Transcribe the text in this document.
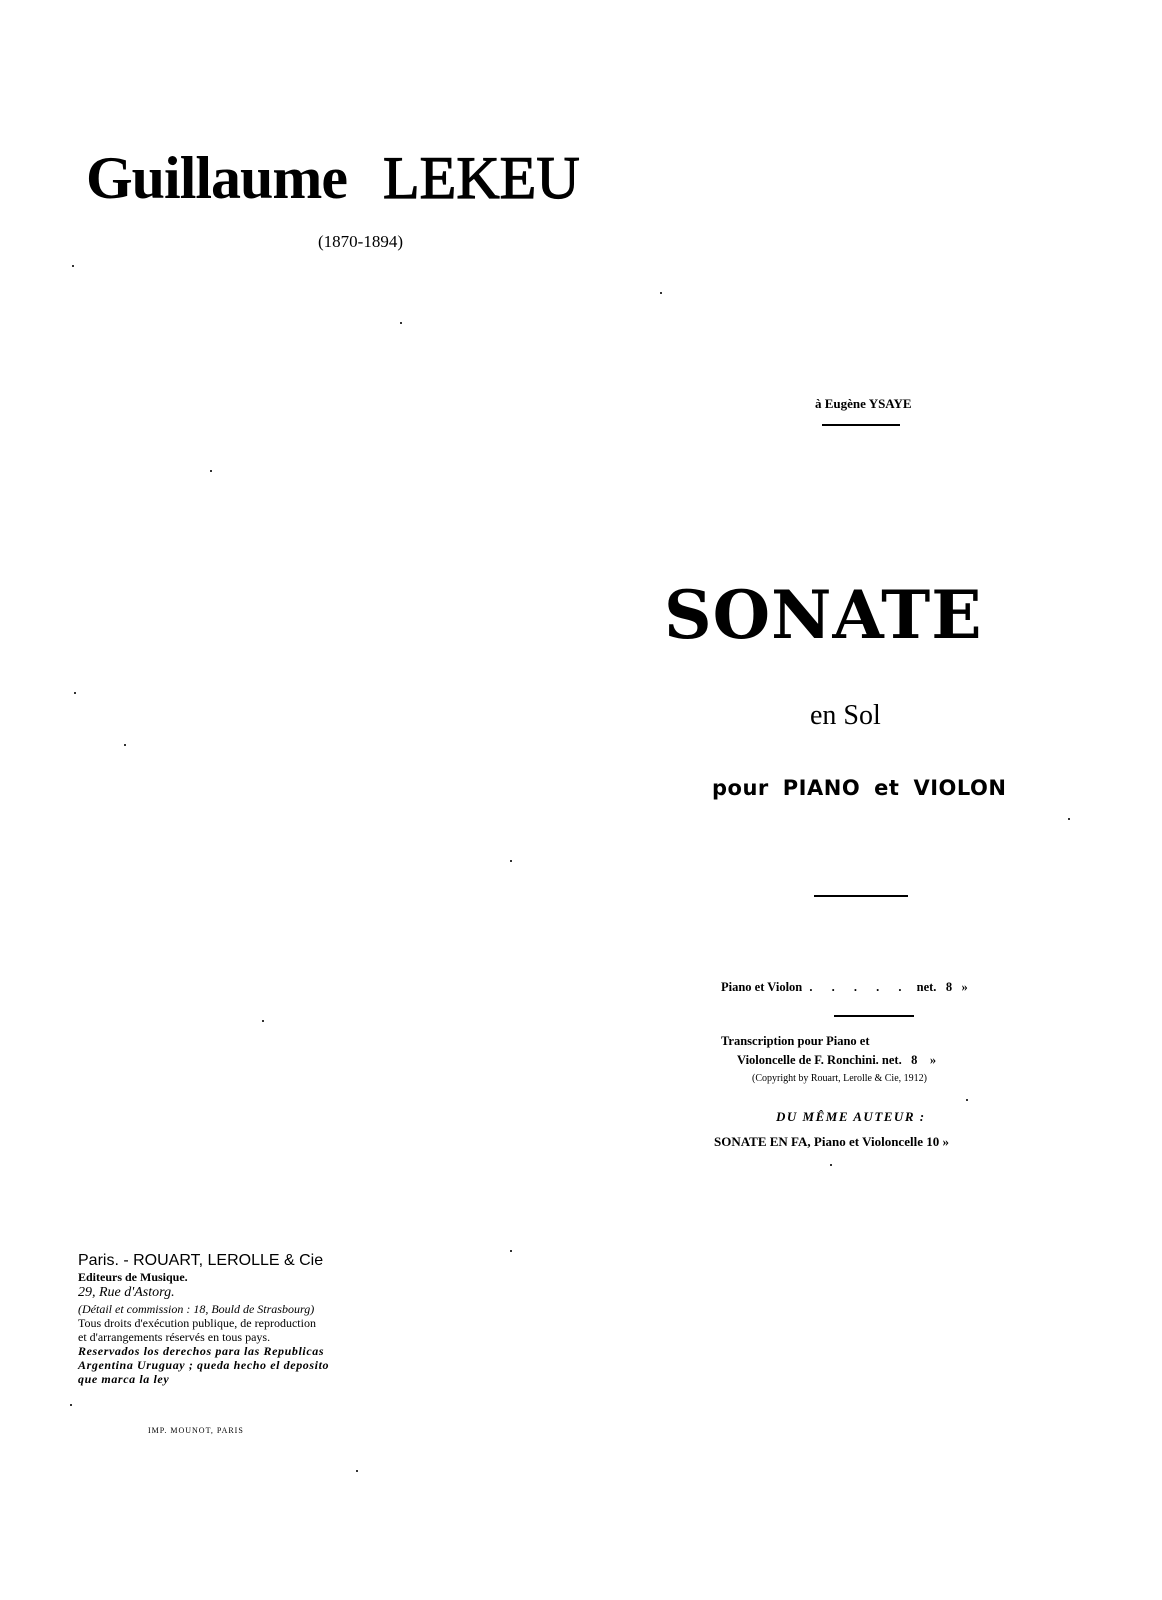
Guillaume LEKEU
(1870-1894)
à Eugène YSAYE
SONATE
en Sol
pour PIANO et VIOLON
Piano et Violon . . . . . net. 8 »
Transcription pour Piano et
Violoncelle de F. Ronchini. net. 8 »
(Copyright by Rouart, Lerolle & Cie, 1912)
DU MÊME AUTEUR :
SONATE EN FA, Piano et Violoncelle 10 »
Paris. - ROUART, LEROLLE & Cie
Editeurs de Musique.
29, Rue d'Astorg.
(Détail et commission : 18, Bould de Strasbourg)
Tous droits d'exécution publique, de reproduction
et d'arrangements réservés en tous pays.
Reservados los derechos para las Republicas
Argentina Uruguay ; queda hecho el deposito
que marca la ley
IMP. MOUNOT, PARIS
